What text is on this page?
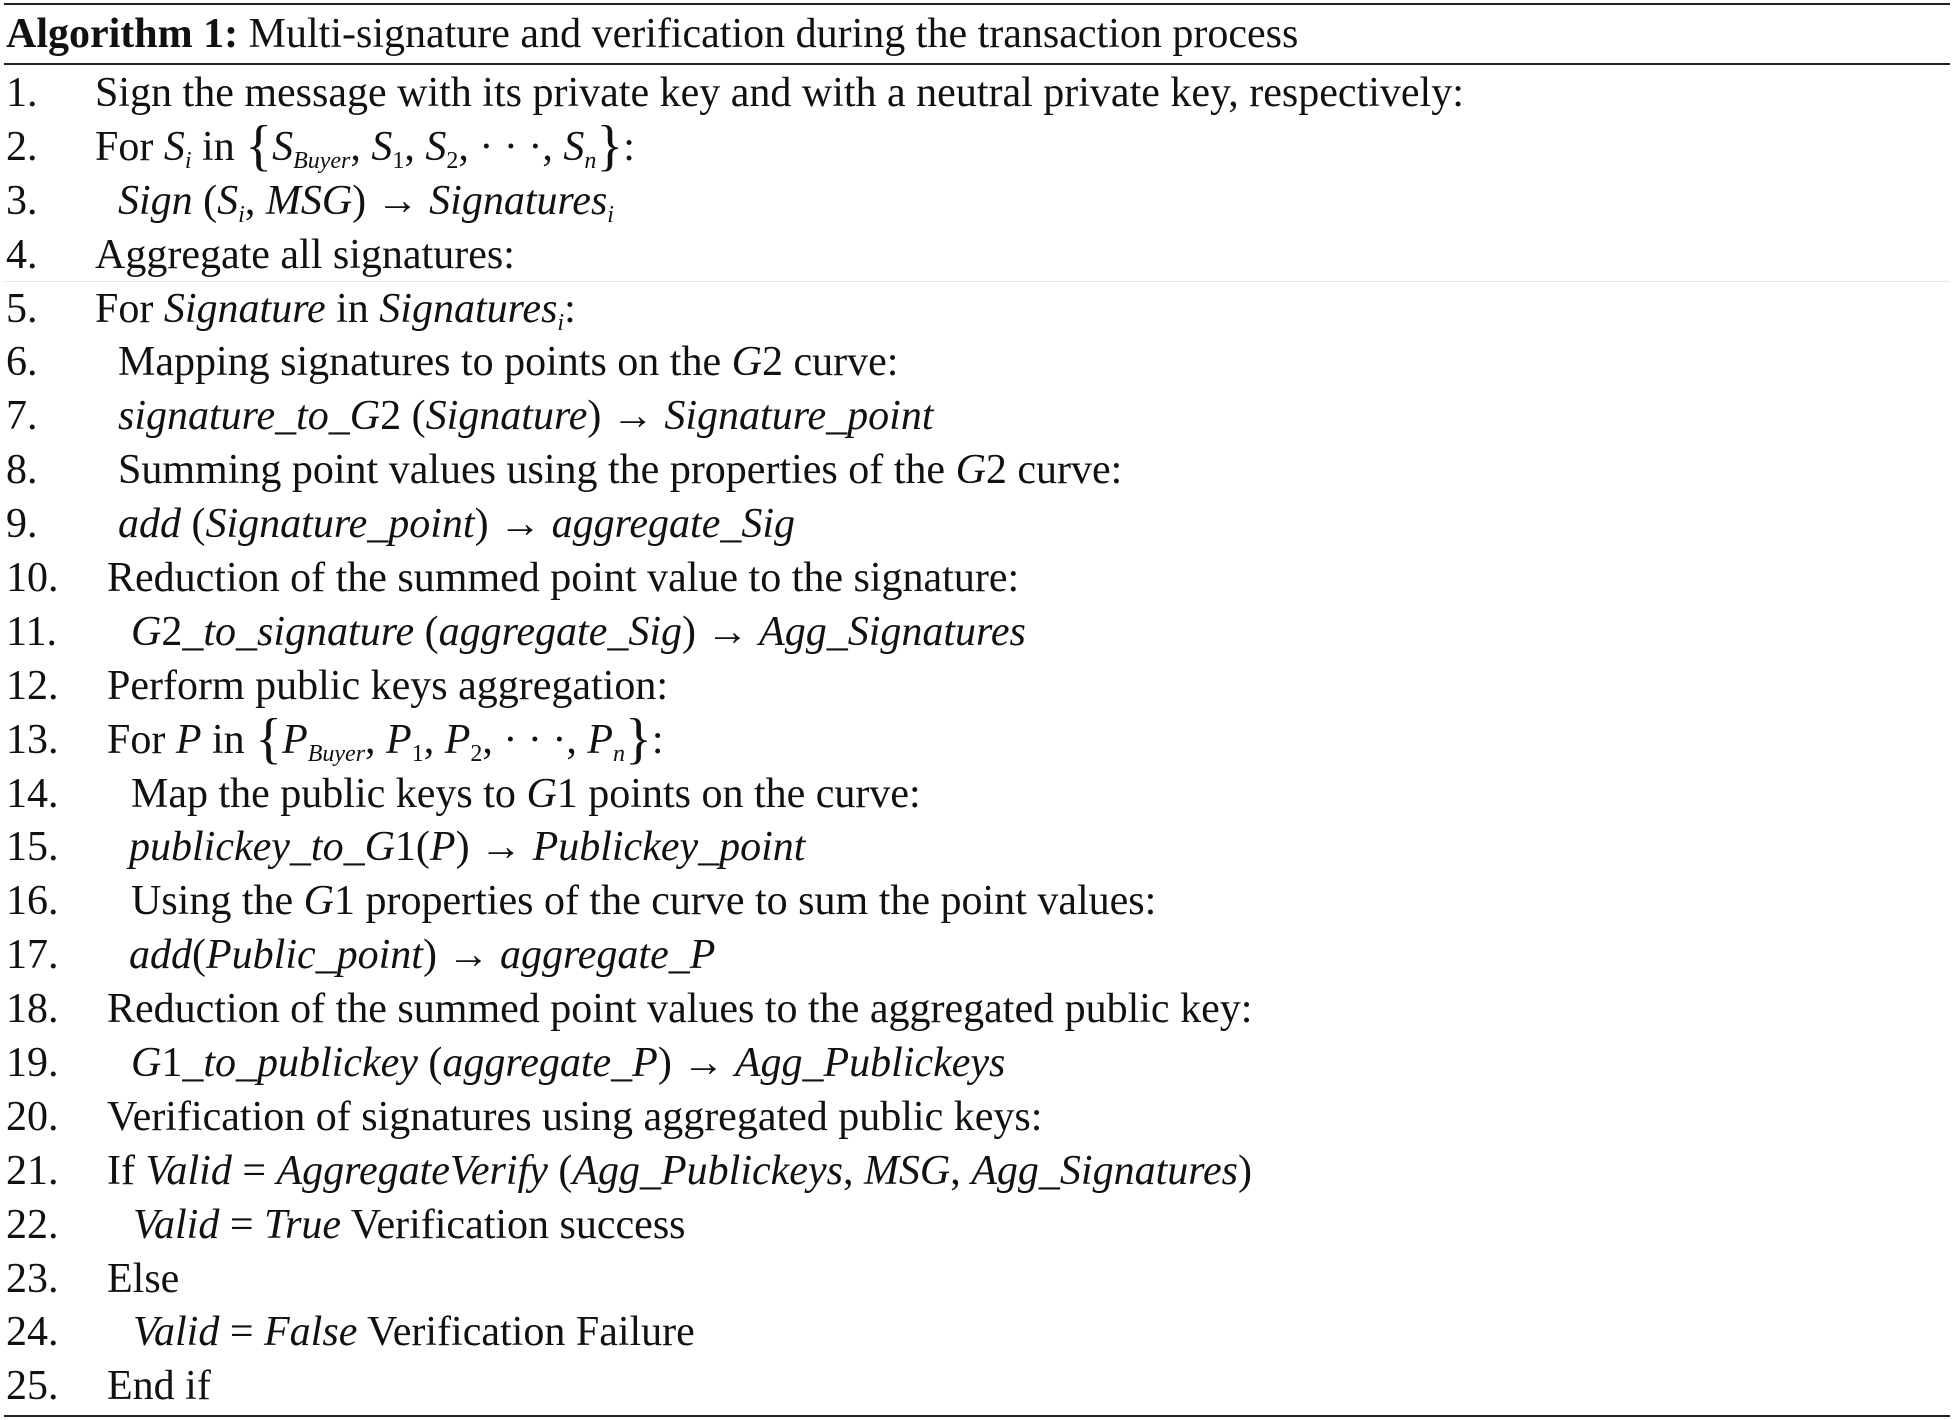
Algorithm 1: Multi-signature and verification during the transaction process
1. Sign the message with its private key and with a neutral private key, respectively:
2. For Si in {SBuyer, S1, S2, · · ·, Sn}:
3. Sign (Si, MSG) → Signaturesi
4. Aggregate all signatures:
5. For Signature in Signaturesi:
6. Mapping signatures to points on the G2 curve:
7. signature_to_G2 (Signature) → Signature_point
8. Summing point values using the properties of the G2 curve:
9. add (Signature_point) → aggregate_Sig
10. Reduction of the summed point value to the signature:
11. G2_to_signature (aggregate_Sig) → Agg_Signatures
12. Perform public keys aggregation:
13. For P in {PBuyer, P1, P2, · · ·, Pn}:
14. Map the public keys to G1 points on the curve:
15. publickey_to_G1(P) → Publickey_point
16. Using the G1 properties of the curve to sum the point values:
17. add(Public_point) → aggregate_P
18. Reduction of the summed point values to the aggregated public key:
19. G1_to_publickey (aggregate_P) → Agg_Publickeys
20. Verification of signatures using aggregated public keys:
21. If Valid = AggregateVerify (Agg_Publickeys, MSG, Agg_Signatures)
22. Valid = True Verification success
23. Else
24. Valid = False Verification Failure
25. End if
